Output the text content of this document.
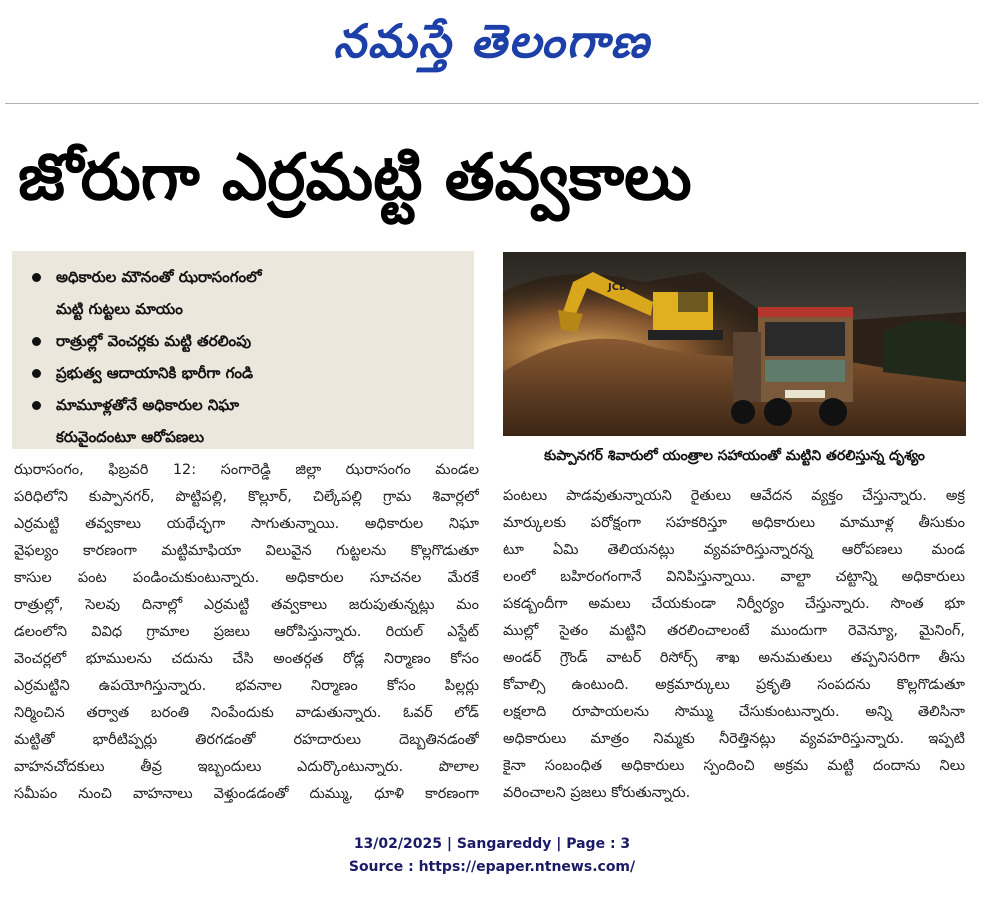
నమస్తే తెలంగాణ
జోరుగా ఎర్రమట్టి తవ్వకాలు
అధికారుల మౌనంతో ఝరాసంగంలో
మట్టి గుట్టలు మాయం
రాత్రుల్లో వెంచర్లకు మట్టి తరలింపు
ప్రభుత్వ ఆదాయానికి భారీగా గండి
మామూళ్లతోనే అధికారుల నిఘా
కరువైందంటూ ఆరోపణలు
JCB
కుప్పానగర్ శివారులో యంత్రాల సహాయంతో మట్టిని తరలిస్తున్న దృశ్యం
ఝరాసంగం, ఫిబ్రవరి 12: సంగారెడ్డి జిల్లా ఝరాసంగం మండల
పరిధిలోని కుప్పానగర్, పొట్టిపల్లి, కొల్లూర్, చిల్కేపల్లి గ్రామ శివార్లలో
ఎర్రమట్టి తవ్వకాలు యథేచ్ఛగా సాగుతున్నాయి. అధికారుల నిఘా
వైఫల్యం కారణంగా మట్టిమాఫియా విలువైన గుట్టలను కొల్లగొడుతూ
కాసుల పంట పండించుకుంటున్నారు. అధికారుల సూచనల మేరకే
రాత్రుల్లో, సెలవు దినాల్లో ఎర్రమట్టి తవ్వకాలు జరుపుతున్నట్లు మం
డలంలోని వివిధ గ్రామాల ప్రజలు ఆరోపిస్తున్నారు. రియల్ ఎస్టేట్
వెంచర్లలో భూములను చదును చేసి అంతర్గత రోడ్ల నిర్మాణం కోసం
ఎర్రమట్టిని ఉపయోగిస్తున్నారు. భవనాల నిర్మాణం కోసం పిల్లర్లు
నిర్మించిన తర్వాత బరంతి నింపేందుకు వాడుతున్నారు. ఓవర్ లోడ్
మట్టితో భారీటిప్పర్లు తిరగడంతో రహదారులు దెబ్బతినడంతో
వాహనచోదకులు తీవ్ర ఇబ్బందులు ఎదుర్కొంటున్నారు. పొలాల
సమీపం నుంచి వాహనాలు వెళ్తుండడంతో దుమ్ము, ధూళి కారణంగా
పంటలు పాడవుతున్నాయని రైతులు ఆవేదన వ్యక్తం చేస్తున్నారు. అక్ర
మార్కులకు పరోక్షంగా సహకరిస్తూ అధికారులు మామూళ్ల తీసుకుం
టూ ఏమి తెలియనట్లు వ్యవహరిస్తున్నారన్న ఆరోపణలు మండ
లంలో బహిరంగంగానే వినిపిస్తున్నాయి. వాల్టా చట్టాన్ని అధికారులు
పకడ్బందీగా అమలు చేయకుండా నిర్వీర్యం చేస్తున్నారు. సొంత భూ
ముల్లో సైతం మట్టిని తరలించాలంటే ముందుగా రెవెన్యూ, మైనింగ్,
అండర్ గ్రౌండ్ వాటర్ రిసోర్స్ శాఖ అనుమతులు తప్పనిసరిగా తీసు
కోవాల్సి ఉంటుంది. అక్రమార్కులు ప్రకృతి సంపదను కొల్లగొడుతూ
లక్షలాది రూపాయలను సొమ్ము చేసుకుంటున్నారు. అన్ని తెలిసినా
అధికారులు మాత్రం నిమ్మకు నీరెత్తినట్లు వ్యవహరిస్తున్నారు. ఇప్పటి
కైనా సంబంధిత అధికారులు స్పందించి అక్రమ మట్టి దందాను నిలు
వరించాలని ప్రజలు కోరుతున్నారు.
13/02/2025 | Sangareddy | Page : 3
Source : https://epaper.ntnews.com/
